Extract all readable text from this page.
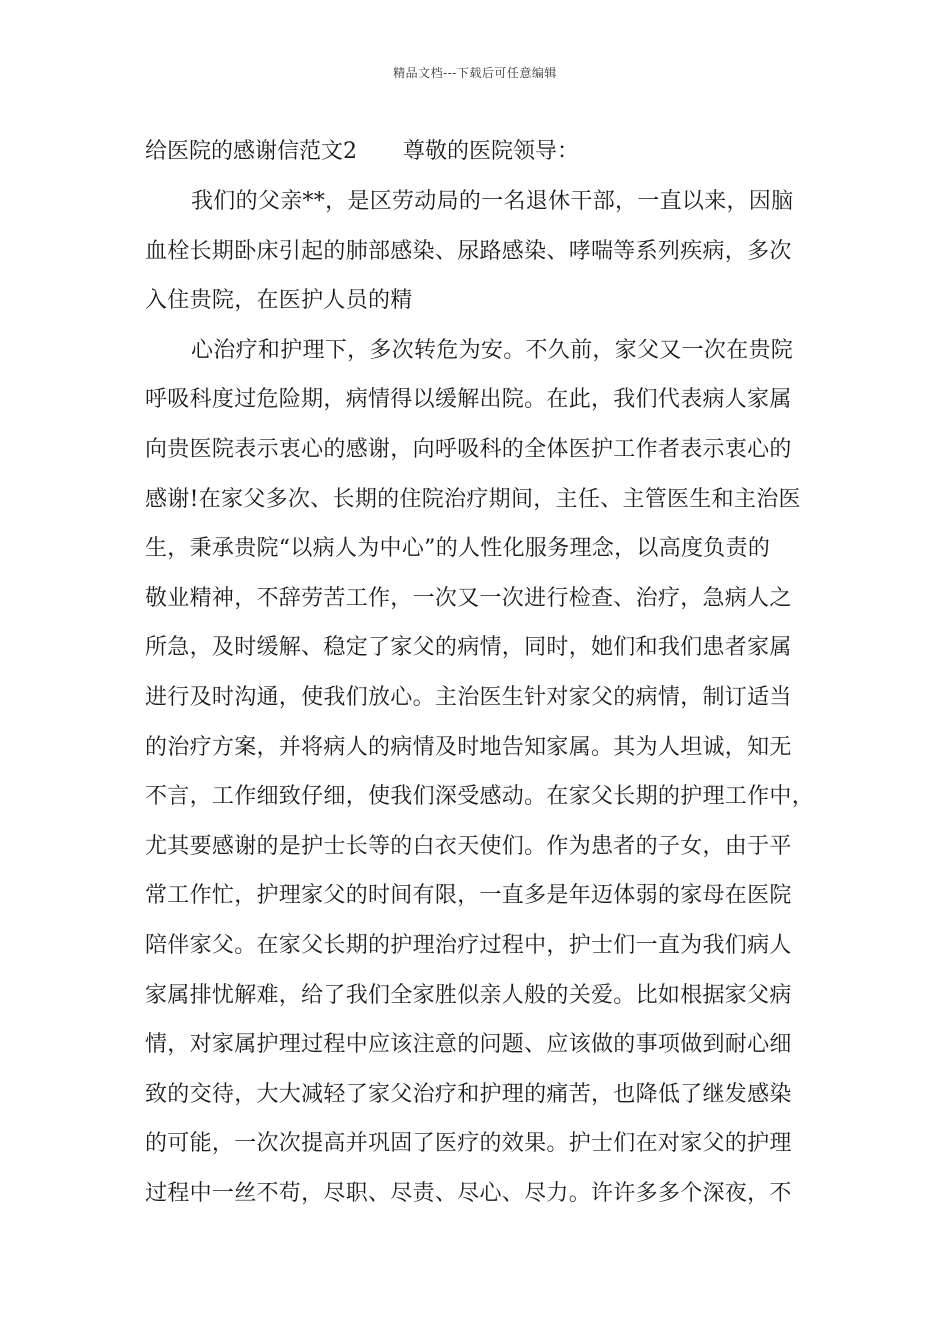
精品文档---下载后可任意编辑
给医院的感谢信范文2 尊敬的医院领导：
我们的父亲**，是区劳动局的一名退休干部，一直以来，因脑
血栓长期卧床引起的肺部感染、尿路感染、哮喘等系列疾病，多次
入住贵院，在医护人员的精
心治疗和护理下，多次转危为安。不久前，家父又一次在贵院
呼吸科度过危险期，病情得以缓解出院。在此，我们代表病人家属
向贵医院表示衷心的感谢，向呼吸科的全体医护工作者表示衷心的
感谢!在家父多次、长期的住院治疗期间，主任、主管医生和主治医
生，秉承贵院“以病人为中心”的人性化服务理念，以高度负责的
敬业精神，不辞劳苦工作，一次又一次进行检查、治疗，急病人之
所急，及时缓解、稳定了家父的病情，同时，她们和我们患者家属
进行及时沟通，使我们放心。主治医生针对家父的病情，制订适当
的治疗方案，并将病人的病情及时地告知家属。其为人坦诚，知无
不言，工作细致仔细，使我们深受感动。在家父长期的护理工作中，
尤其要感谢的是护士长等的白衣天使们。作为患者的子女，由于平
常工作忙，护理家父的时间有限，一直多是年迈体弱的家母在医院
陪伴家父。在家父长期的护理治疗过程中，护士们一直为我们病人
家属排忧解难，给了我们全家胜似亲人般的关爱。比如根据家父病
情，对家属护理过程中应该注意的问题、应该做的事项做到耐心细
致的交待，大大减轻了家父治疗和护理的痛苦，也降低了继发感染
的可能，一次次提高并巩固了医疗的效果。护士们在对家父的护理
过程中一丝不苟，尽职、尽责、尽心、尽力。许许多多个深夜，不
